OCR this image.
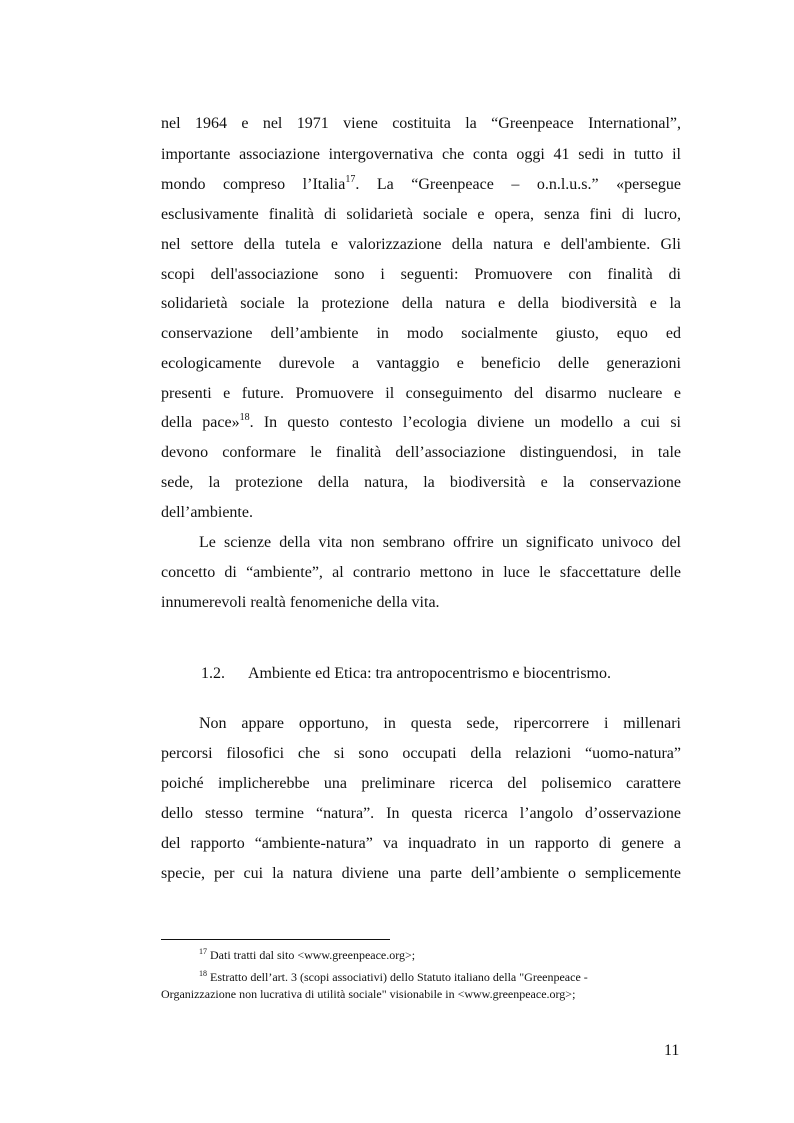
nel 1964 e nel 1971 viene costituita la “Greenpeace International”,
importante associazione intergovernativa che conta oggi 41 sedi in tutto il
mondo compreso l’Italia$^{17}$. La “Greenpeace – o.n.l.u.s.” «persegue
esclusivamente finalità di solidarietà sociale e opera, senza fini di lucro,
nel settore della tutela e valorizzazione della natura e dell'ambiente. Gli
scopi dell'associazione sono i seguenti: Promuovere con finalità di
solidarietà sociale la protezione della natura e della biodiversità e la
conservazione dell’ambiente in modo socialmente giusto, equo ed
ecologicamente durevole a vantaggio e beneficio delle generazioni
presenti e future. Promuovere il conseguimento del disarmo nucleare e
della pace»$^{18}$. In questo contesto l’ecologia diviene un modello a cui si
devono conformare le finalità dell’associazione distinguendosi, in tale
sede, la protezione della natura, la biodiversità e la conservazione
dell’ambiente.
Le scienze della vita non sembrano offrire un significato univoco del
concetto di “ambiente”, al contrario mettono in luce le sfaccettature delle
innumerevoli realtà fenomeniche della vita.
1.2. Ambiente ed Etica: tra antropocentrismo e biocentrismo.
Non appare opportuno, in questa sede, ripercorrere i millenari
percorsi filosofici che si sono occupati della relazioni “uomo-natura”
poiché implicherebbe una preliminare ricerca del polisemico carattere
dello stesso termine “natura”. In questa ricerca l’angolo d’osservazione
del rapporto “ambiente-natura” va inquadrato in un rapporto di genere a
specie, per cui la natura diviene una parte dell’ambiente o semplicemente
$^{17}$ Dati tratti dal sito <www.greenpeace.org>;
$^{18}$ Estratto dell’art. 3 (scopi associativi) dello Statuto italiano della "Greenpeace -
Organizzazione non lucrativa di utilità sociale" visionabile in <www.greenpeace.org>;
11
